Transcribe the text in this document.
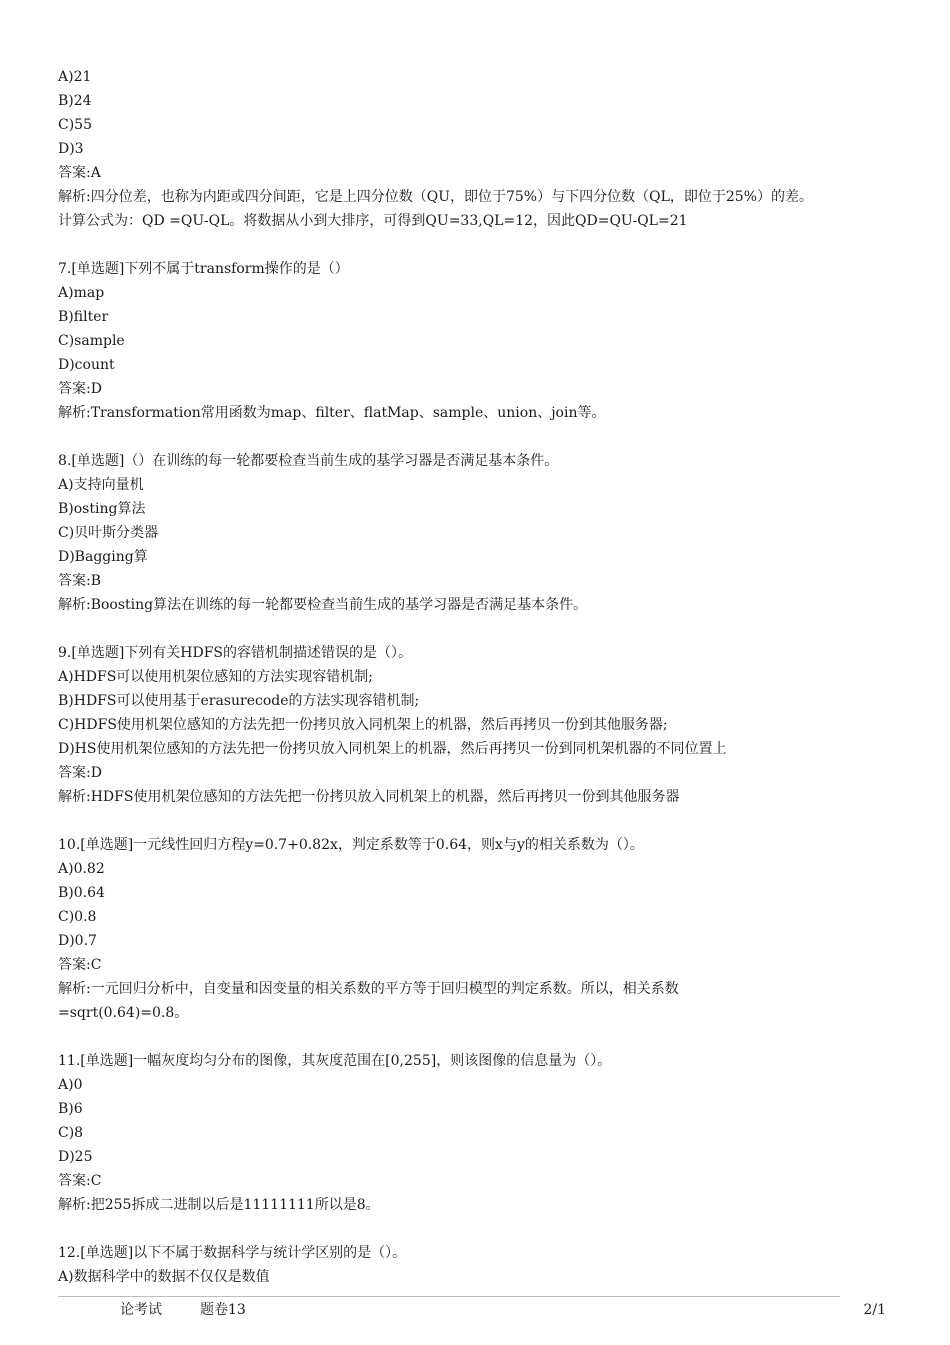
A)21
B)24
C)55
D)3
答案:A
解析:四分位差，也称为内距或四分间距，它是上四分位数（QU，即位于75%）与下四分位数（QL，即位于25%）的差。
计算公式为：QD =QU-QL。将数据从小到大排序，可得到QU=33,QL=12，因此QD=QU-QL=21
7.[单选题]下列不属于transform操作的是（）
A)map
B)filter
C)sample
D)count
答案:D
解析:Transformation常用函数为map、filter、flatMap、sample、union、join等。
8.[单选题]（）在训练的每一轮都要检查当前生成的基学习器是否满足基本条件。
A)支持向量机
B)osting算法
C)贝叶斯分类器
D)Bagging算
答案:B
解析:Boosting算法在训练的每一轮都要检查当前生成的基学习器是否满足基本条件。
9.[单选题]下列有关HDFS的容错机制描述错误的是（）。
A)HDFS可以使用机架位感知的方法实现容错机制;
B)HDFS可以使用基于erasurecode的方法实现容错机制;
C)HDFS使用机架位感知的方法先把一份拷贝放入同机架上的机器，然后再拷贝一份到其他服务器;
D)HS使用机架位感知的方法先把一份拷贝放入同机架上的机器，然后再拷贝一份到同机架机器的不同位置上
答案:D
解析:HDFS使用机架位感知的方法先把一份拷贝放入同机架上的机器，然后再拷贝一份到其他服务器
10.[单选题]一元线性回归方程y=0.7+0.82x，判定系数等于0.64，则x与y的相关系数为（）。
A)0.82
B)0.64
C)0.8
D)0.7
答案:C
解析:一元回归分析中，自变量和因变量的相关系数的平方等于回归模型的判定系数。所以，相关系数
=sqrt(0.64)=0.8。
11.[单选题]一幅灰度均匀分布的图像，其灰度范围在[0,255]，则该图像的信息量为（）。
A)0
B)6
C)8
D)25
答案:C
解析:把255拆成二进制以后是11111111所以是8。
12.[单选题]以下不属于数据科学与统计学区别的是（）。
A)数据科学中的数据不仅仅是数值
论考试	题卷13	2/1
